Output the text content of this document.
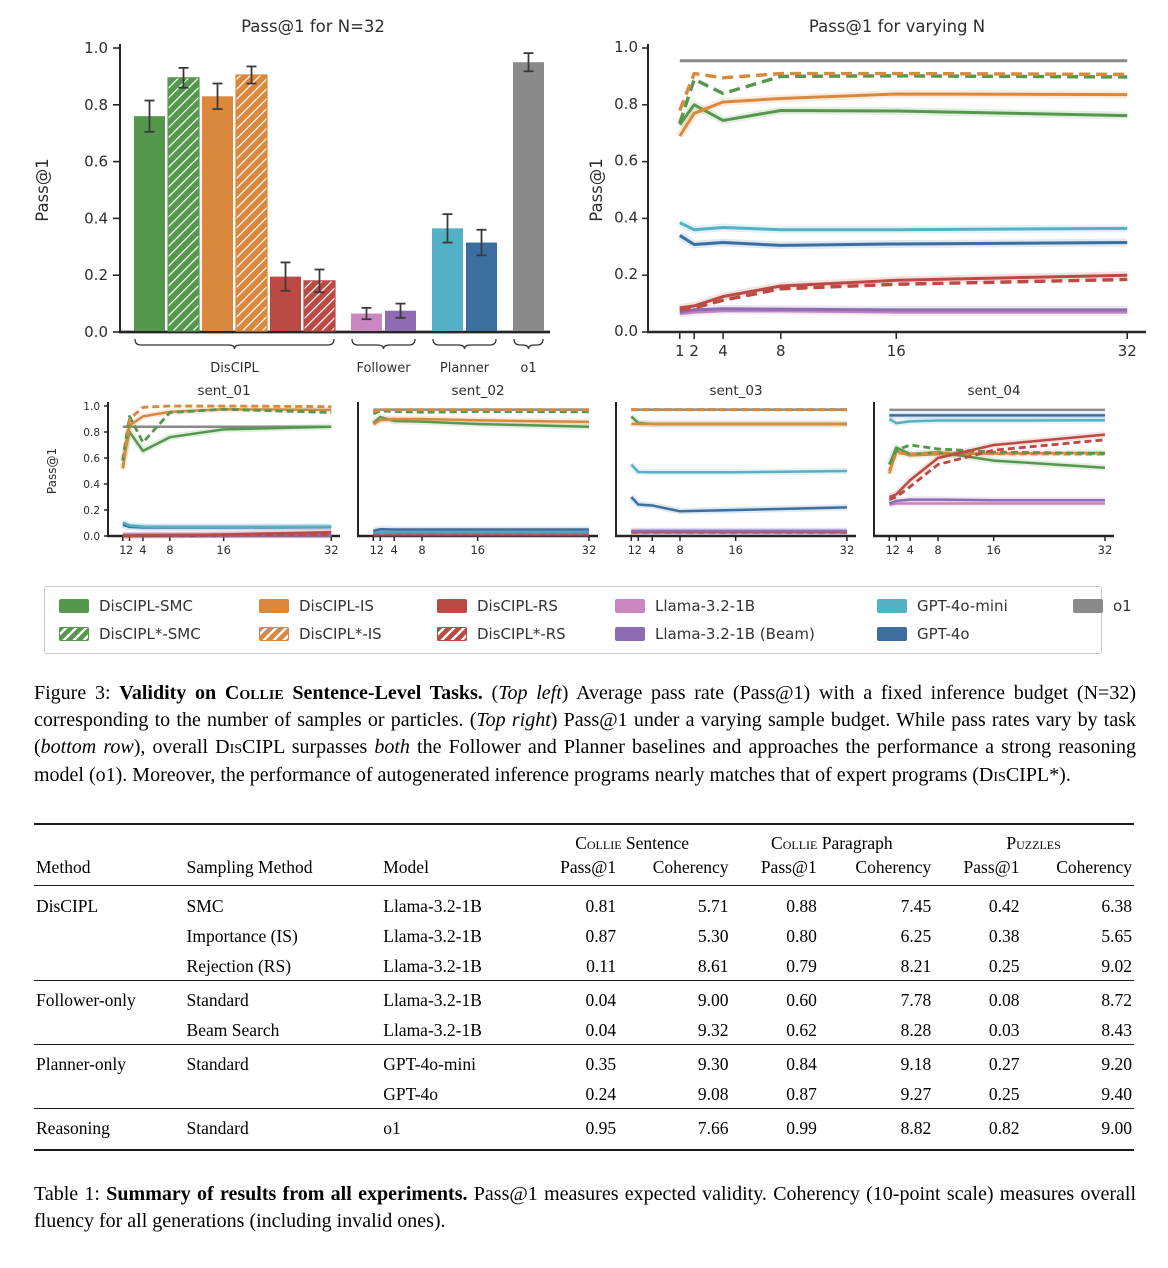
Pass@1 for N=32
Pass@1
0.0
0.2
0.4
0.6
0.8
1.0
DisCIPL	Follower Planner o1
Pass@1 for varying N
Pass@1
0.0
0.2
0.4
0.6
0.8
1.0
1 2 4	8	16	32
sent_01
Pass@1
0.0
0.2
0.4
0.6
0.8
1.0
1 2 4 8	16	32
sent_02
1 2 4 8	16	32
sent_03
1 2 4 8	16	32
sent_04
1 2 4 8	16	32
DisCIPL-SMC	DisCIPL-IS	DisCIPL-RS	Llama-3.2-1B	GPT-4o-mini	o1
DisCIPL*-SMC	DisCIPL*-IS	DisCIPL*-RS	Llama-3.2-1B (Beam)	GPT-4o

Figure 3: Validity on Collie Sentence-Level Tasks. (Top left) Average pass rate (Pass@1) with a fixed inference budget (N=32) corresponding to the number of samples or particles. (Top right) Pass@1 under a varying sample budget. While pass rates vary by task (bottom row), overall DisCIPL surpasses both the Follower and Planner baselines and approaches the performance a strong reasoning model (o1). Moreover, the performance of autogenerated inference programs nearly matches that of expert programs (DisCIPL*).

			Collie Sentence		Collie Paragraph		Puzzles	
Method	Sampling Method	Model	Pass@1	Coherency	Pass@1	Coherency	Pass@1	Coherency
DisCIPL	SMC	Llama-3.2-1B	0.81	5.71	0.88	7.45	0.42	6.38
	Importance (IS)	Llama-3.2-1B	0.87	5.30	0.80	6.25	0.38	5.65
	Rejection (RS)	Llama-3.2-1B	0.11	8.61	0.79	8.21	0.25	9.02
Follower-only	Standard	Llama-3.2-1B	0.04	9.00	0.60	7.78	0.08	8.72
	Beam Search	Llama-3.2-1B	0.04	9.32	0.62	8.28	0.03	8.43
Planner-only	Standard	GPT-4o-mini	0.35	9.30	0.84	9.18	0.27	9.20
		GPT-4o	0.24	9.08	0.87	9.27	0.25	9.40
Reasoning	Standard	o1	0.95	7.66	0.99	8.82	0.82	9.00

Table 1: Summary of results from all experiments. Pass@1 measures expected validity. Coherency (10-point scale) measures overall fluency for all generations (including invalid ones).
